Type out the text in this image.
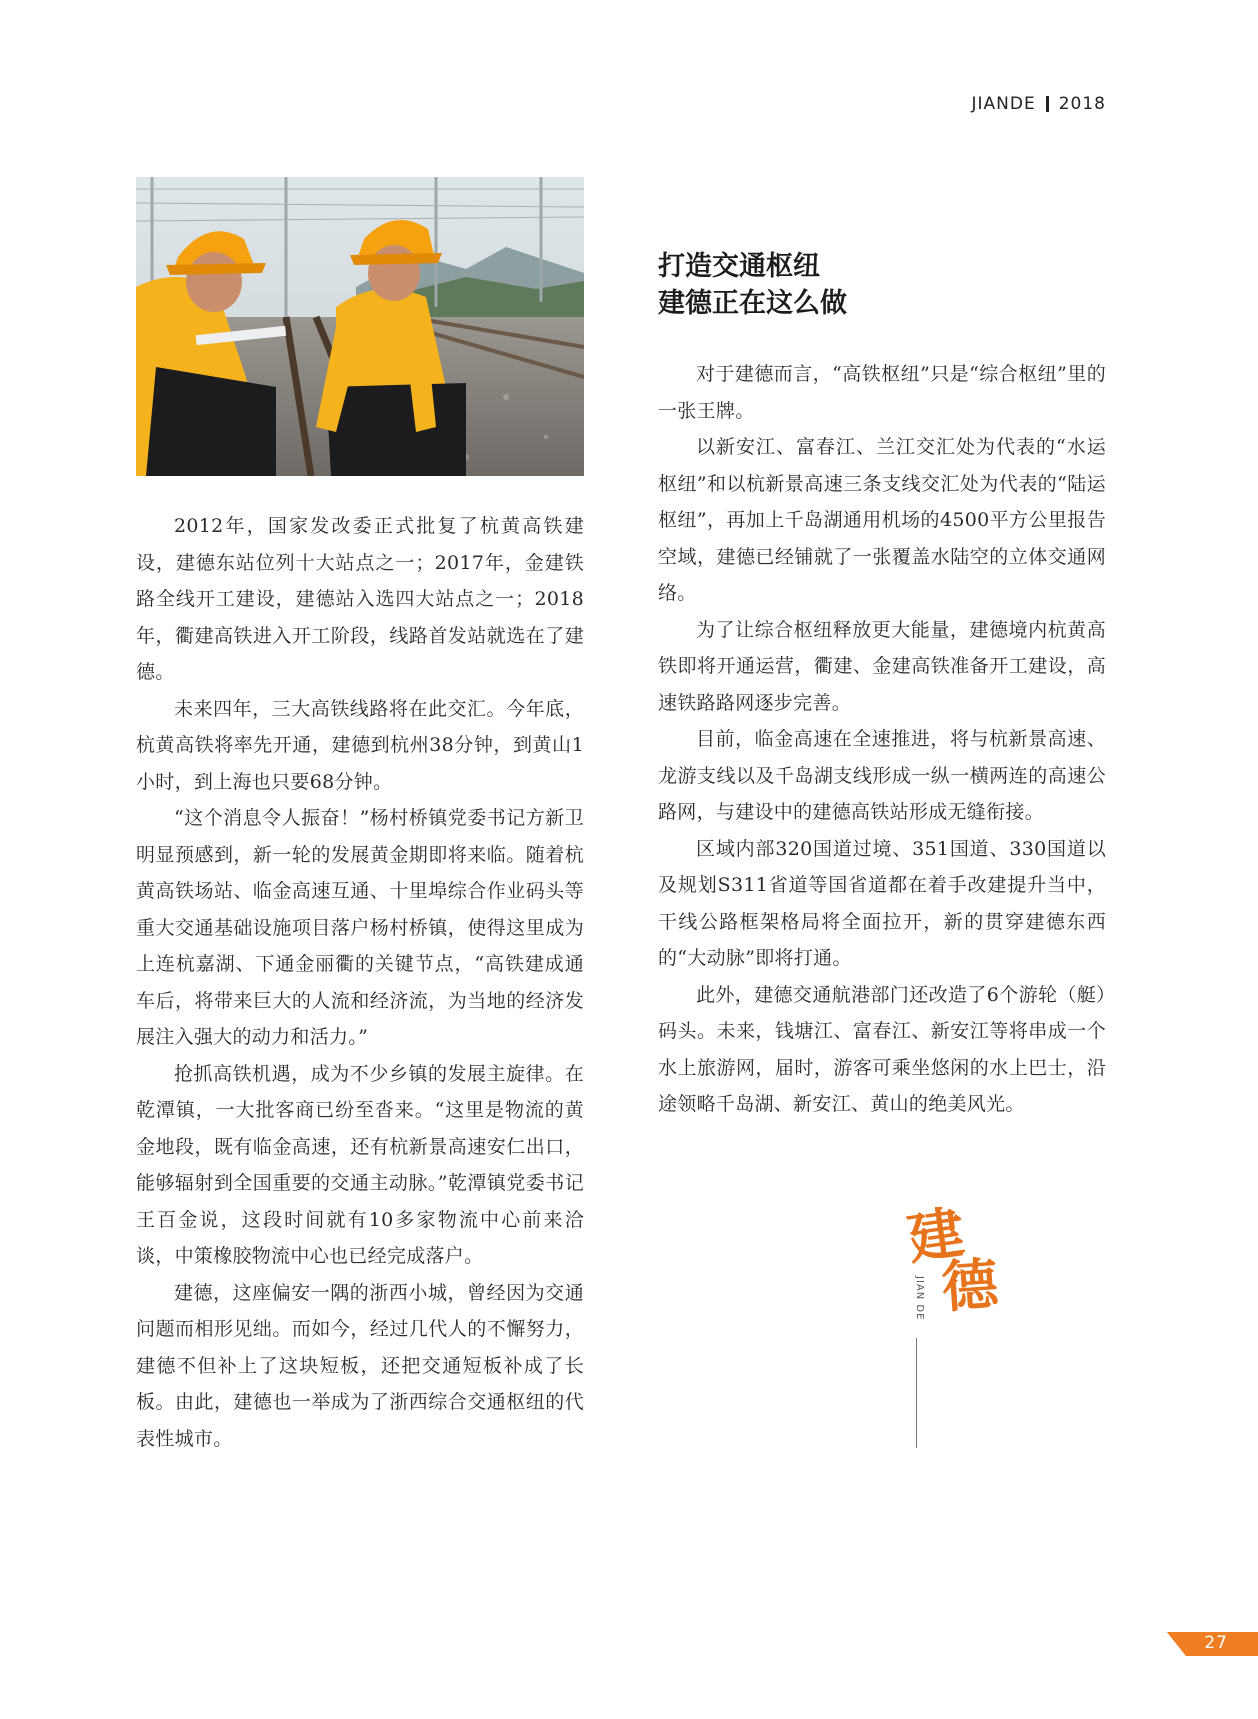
JIANDE 2018

2012年，国家发改委正式批复了杭黄高铁建设，建德东站位列十大站点之一；2017年，金建铁路全线开工建设，建德站入选四大站点之一；2018年，衢建高铁进入开工阶段，线路首发站就选在了建德。

未来四年，三大高铁线路将在此交汇。今年底，杭黄高铁将率先开通，建德到杭州38分钟，到黄山1小时，到上海也只要68分钟。

“这个消息令人振奋！”杨村桥镇党委书记方新卫明显预感到，新一轮的发展黄金期即将来临。随着杭黄高铁场站、临金高速互通、十里埠综合作业码头等重大交通基础设施项目落户杨村桥镇，使得这里成为上连杭嘉湖、下通金丽衢的关键节点，“高铁建成通车后，将带来巨大的人流和经济流，为当地的经济发展注入强大的动力和活力。”

抢抓高铁机遇，成为不少乡镇的发展主旋律。在乾潭镇，一大批客商已纷至沓来。“这里是物流的黄金地段，既有临金高速，还有杭新景高速安仁出口，能够辐射到全国重要的交通主动脉。”乾潭镇党委书记王百金说，这段时间就有10多家物流中心前来洽谈，中策橡胶物流中心也已经完成落户。

建德，这座偏安一隅的浙西小城，曾经因为交通问题而相形见绌。而如今，经过几代人的不懈努力，建德不但补上了这块短板，还把交通短板补成了长板。由此，建德也一举成为了浙西综合交通枢纽的代表性城市。

打造交通枢纽
建德正在这么做

对于建德而言，“高铁枢纽”只是“综合枢纽”里的一张王牌。

以新安江、富春江、兰江交汇处为代表的“水运枢纽”和以杭新景高速三条支线交汇处为代表的“陆运枢纽”，再加上千岛湖通用机场的4500平方公里报告空域，建德已经铺就了一张覆盖水陆空的立体交通网络。

为了让综合枢纽释放更大能量，建德境内杭黄高铁即将开通运营，衢建、金建高铁准备开工建设，高速铁路路网逐步完善。

目前，临金高速在全速推进，将与杭新景高速、龙游支线以及千岛湖支线形成一纵一横两连的高速公路网，与建设中的建德高铁站形成无缝衔接。

区域内部320国道过境、351国道、330国道以及规划S311省道等国省道都在着手改建提升当中，干线公路框架格局将全面拉开，新的贯穿建德东西的“大动脉”即将打通。

此外，建德交通航港部门还改造了6个游轮（艇）码头。未来，钱塘江、富春江、新安江等将串成一个水上旅游网，届时，游客可乘坐悠闲的水上巴士，沿途领略千岛湖、新安江、黄山的绝美风光。

建
德
JIAN DE
27
